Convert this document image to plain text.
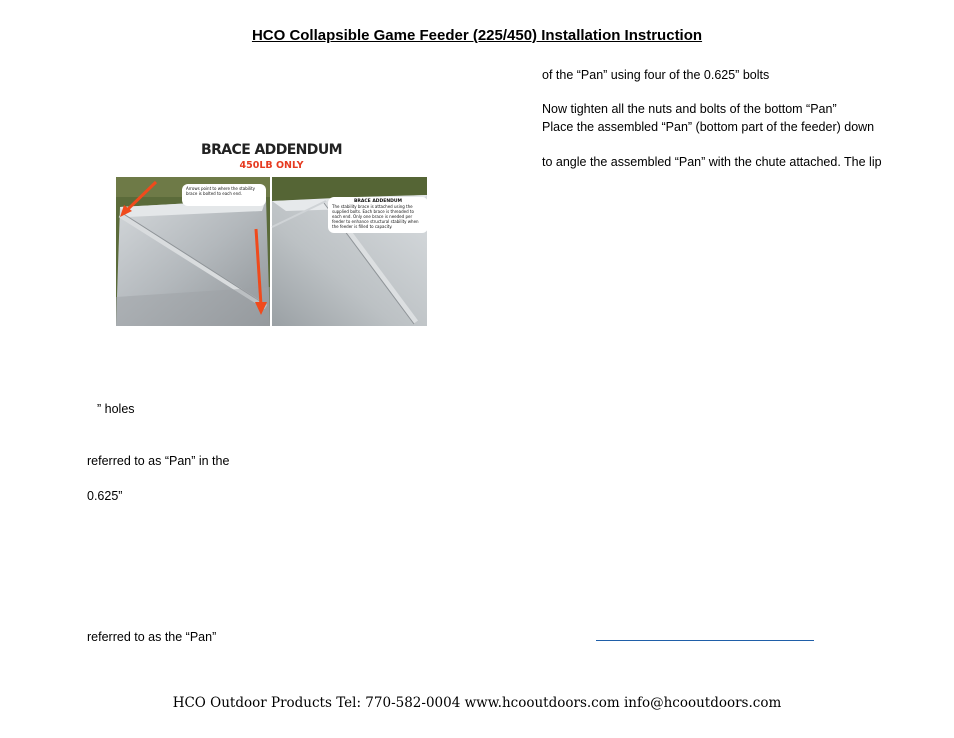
HCO Collapsible Game Feeder (225/450) Installation Instruction

of the “Pan” using four of the 0.625” bolts

Now tighten all the nuts and bolts of the bottom “Pan”

Place the assembled “Pan” (bottom part of the feeder) down

to angle the assembled “Pan” with the chute attached. The lip

BRACE ADDENDUM
450LB ONLY
Arrows point to where the stability brace is bolted to each end.
BRACE ADDENDUM
The stability brace is attached using the supplied bolts. Each brace is threaded to each end. Only one brace is needed per feeder to enhance structural stability when the feeder is filled to capacity.

” holes

referred to as “Pan” in the

0.625”

referred to as the “Pan”

HCO Outdoor Products Tel: 770-582-0004 www.hcooutdoors.com info@hcooutdoors.com
